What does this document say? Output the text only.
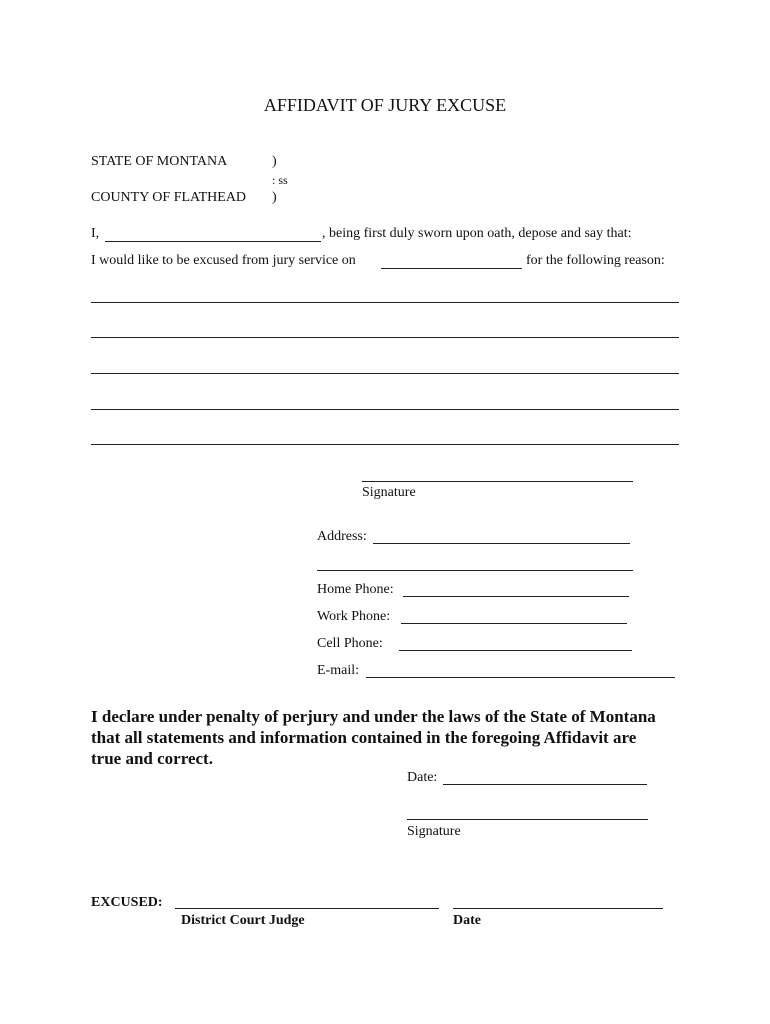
AFFIDAVIT OF JURY EXCUSE
STATE OF MONTANA	)
: ss
COUNTY OF FLATHEAD )
I,	, being first duly sworn upon oath, depose and say that:
I would like to be excused from jury service on	for the following reason:
Signature
Address:
Home Phone:
Work Phone:
Cell Phone:
E-mail:
I declare under penalty of perjury and under the laws of the State of Montana
that all statements and information contained in the foregoing Affidavit are
true and correct.
Date:
Signature
EXCUSED:
District Court Judge	Date
